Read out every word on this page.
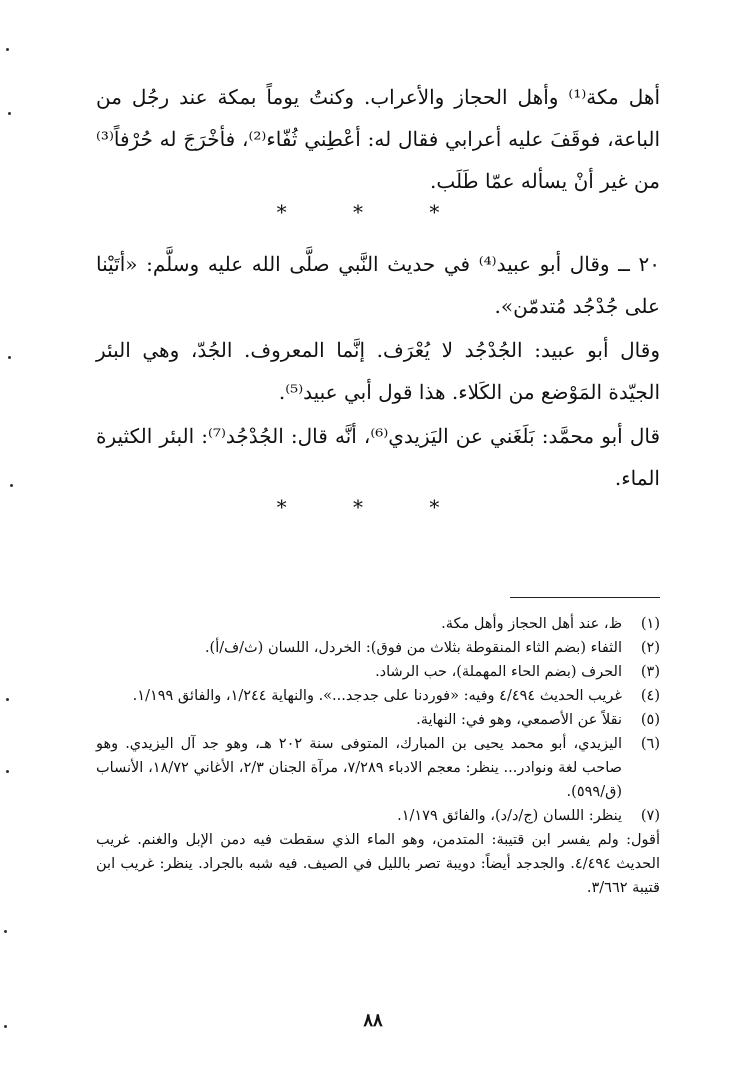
أهل مكة⁽¹⁾ وأهل الحجاز والأعراب. وكنتُ يوماً بمكة عند رجُل من الباعة، فوقَفَ عليه أعرابي فقال له: أعْطِني ثُفّاء⁽²⁾، فأخْرَجَ له حُرْفاً⁽³⁾ من غير أنْ يسأله عمّا طَلَب.

* * *

٢٠ ــ وقال أبو عبيد⁽⁴⁾ في حديث النَّبي صلَّى الله عليه وسلَّم: «أتَيْنا على جُدْجُد مُتدمّن».

وقال أبو عبيد: الجُدْجُد لا يُعْرَف. إنَّما المعروف. الجُدّ، وهي البئر الجيّدة المَوْضع من الكَلاء. هذا قول أبي عبيد⁽⁵⁾.

قال أبو محمَّد: بَلَغَني عن اليَزيدي⁽⁶⁾، أنَّه قال: الجُدْجُد⁽⁷⁾: البئر الكثيرة الماء.

* * *
(١)
ظ، عند أهل الحجاز وأهل مكة.
(٢)
الثفاء (بضم الثاء المنقوطة بثلاث من فوق): الخردل، اللسان (ث/ف/أ).
(٣)
الحرف (بضم الحاء المهملة)، حب الرشاد.
(٤)
غريب الحديث ٤/٤٩٤ وفيه: «فوردنا على جدجد...». والنهاية ١/٢٤٤، والفائق ١/١٩٩.
(٥)
نقلاً عن الأصمعي، وهو في: النهاية.
(٦)
اليزيدي، أبو محمد يحيى بن المبارك، المتوفى سنة ٢٠٢ هـ، وهو جد آل اليزيدي. وهو صاحب لغة ونوادر... ينظر: معجم الادباء ٧/٢٨٩، مرآة الجنان ٢/٣، الأغاني ١٨/٧٢، الأنساب (ق/٥٩٩).
(٧)
ينظر: اللسان (ج/د/د)، والفائق ١/١٧٩.
أقول: ولم يفسر ابن قتيبة: المتدمن، وهو الماء الذي سقطت فيه دمن الإبل والغنم. غريب الحديث ٤/٤٩٤. والجدجد أيضاً: دويبة تصر بالليل في الصيف. فيه شبه بالجراد. ينظر: غريب ابن قتيبة ٣/٦٦٢.
٨٨
